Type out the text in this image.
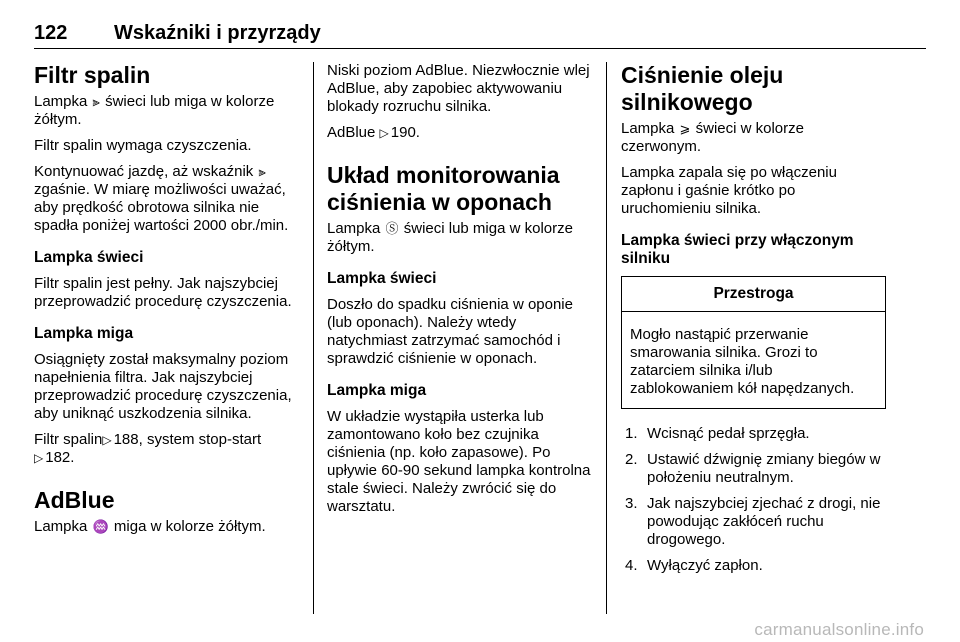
122 Wskaźniki i przyrządy
Filtr spalin

Lampka ⫸ świeci lub miga w kolorze żółtym.

Filtr spalin wymaga czyszczenia.

Kontynuować jazdę, aż wskaźnik ⫸ zgaśnie. W miarę możliwości uważać, aby prędkość obrotowa silnika nie spadła poniżej wartości 2000 obr./min.

Lampka świeci

Filtr spalin jest pełny. Jak najszybciej przeprowadzić procedurę czyszczenia.

Lampka miga

Osiągnięty został maksymalny poziom napełnienia filtra. Jak najszybciej przeprowadzić procedurę czyszczenia, aby uniknąć uszkodzenia silnika.

Filtr spalin▷ 188, system stop-start
▷ 182.

AdBlue

Lampka ♒ miga w kolorze żółtym.

Niski poziom AdBlue. Niezwłocznie wlej AdBlue, aby zapobiec aktywowaniu blokady rozruchu silnika.

AdBlue ▷ 190.

Układ monitorowania ciśnienia w oponach

Lampka Ⓢ świeci lub miga w kolorze żółtym.

Lampka świeci

Doszło do spadku ciśnienia w oponie (lub oponach). Należy wtedy natychmiast zatrzymać samochód i sprawdzić ciśnienie w oponach.

Lampka miga

W układzie wystąpiła usterka lub zamontowano koło bez czujnika ciśnienia (np. koło zapasowe). Po upływie 60-90 sekund lampka kontrolna stale świeci. Należy zwrócić się do warsztatu.

Ciśnienie oleju silnikowego

Lampka ⩾ świeci w kolorze czerwonym.

Lampka zapala się po włączeniu zapłonu i gaśnie krótko po uruchomieniu silnika.

Lampka świeci przy włączonym silniku
Przestroga
Mogło nastąpić przerwanie smarowania silnika. Grozi to zatarciem silnika i/lub zablokowaniem kół napędzanych.
1. Wcisnąć pedał sprzęgła.
2. Ustawić dźwignię zmiany biegów w położeniu neutralnym.
3. Jak najszybciej zjechać z drogi, nie powodując zakłóceń ruchu drogowego.
4. Wyłączyć zapłon.
carmanualsonline.info
